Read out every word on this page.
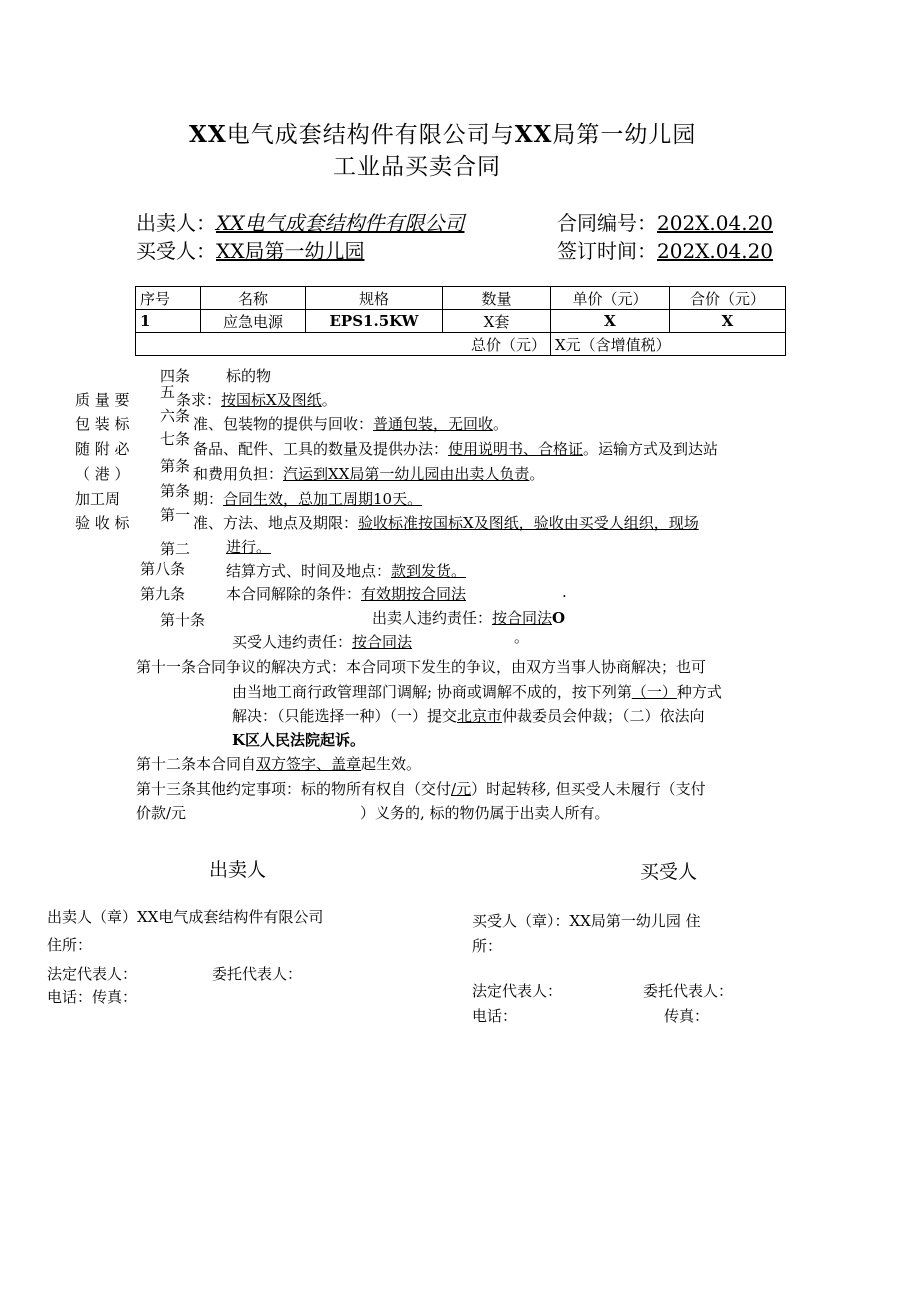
XX电气成套结构件有限公司与XX局第一幼儿园
工业品买卖合同
出卖人：XX电气成套结构件有限公司	合同编号：202X.04.20
买受人：XX局第一幼儿园	签订时间：202X.04.20
序号	名称	规格	数量	单价（元）	合价（元）
1	应急电源	EPS1.5KW	X套	X	X
总价（元）				X元（含增值税）	
四条 标的物
质 量 要 五 条求：按国标X及图纸。
包 装 标 六条 准、包装物的提供与回收：普通包装，无回收。
随 附 必
七条
备品、配件、工具的数量及提供办法：使用说明书、合格证。运输方式及到达站
（ 港 ） 第条 和费用负担：汽运到XX局第一幼儿园由出卖人负责。
加工周	第条 期：合同生效，总加工周期10天。
验 收 标 第一 准、方法、地点及期限：验收标准按国标X及图纸，验收由买受人组织，现场
进行。
第二
第八条	结算方式、时间及地点：款到发货。
第九条	本合同解除的条件：有效期按合同法	.
第十条	出卖人违约责任：按合同法O
买受人违约责任：按合同法	。
第十一条合同争议的解决方式：本合同项下发生的争议，由双方当事人协商解决；也可
由当地工商行政管理部门调解; 协商或调解不成的，按下列第（一）种方式
解决：（只能选择一种）（一）提交北京市仲裁委员会仲裁；（二）依法向
K区人民法院起诉。
第十二条本合同自双方签字、盖章起生效。
第十三条其他约定事项：标的物所有权自（交付/元）时起转移, 但买受人未履行（支付
价款/元	）义务的, 标的物仍属于出卖人所有。
出卖人	买受人
出卖人（章）XX电气成套结构件有限公司
住所：
法定代表人：	委托代表人：
电话：传真：
买受人（章）：XX局第一幼儿园 住
所：
法定代表人：	委托代表人：
电话：	传真：
